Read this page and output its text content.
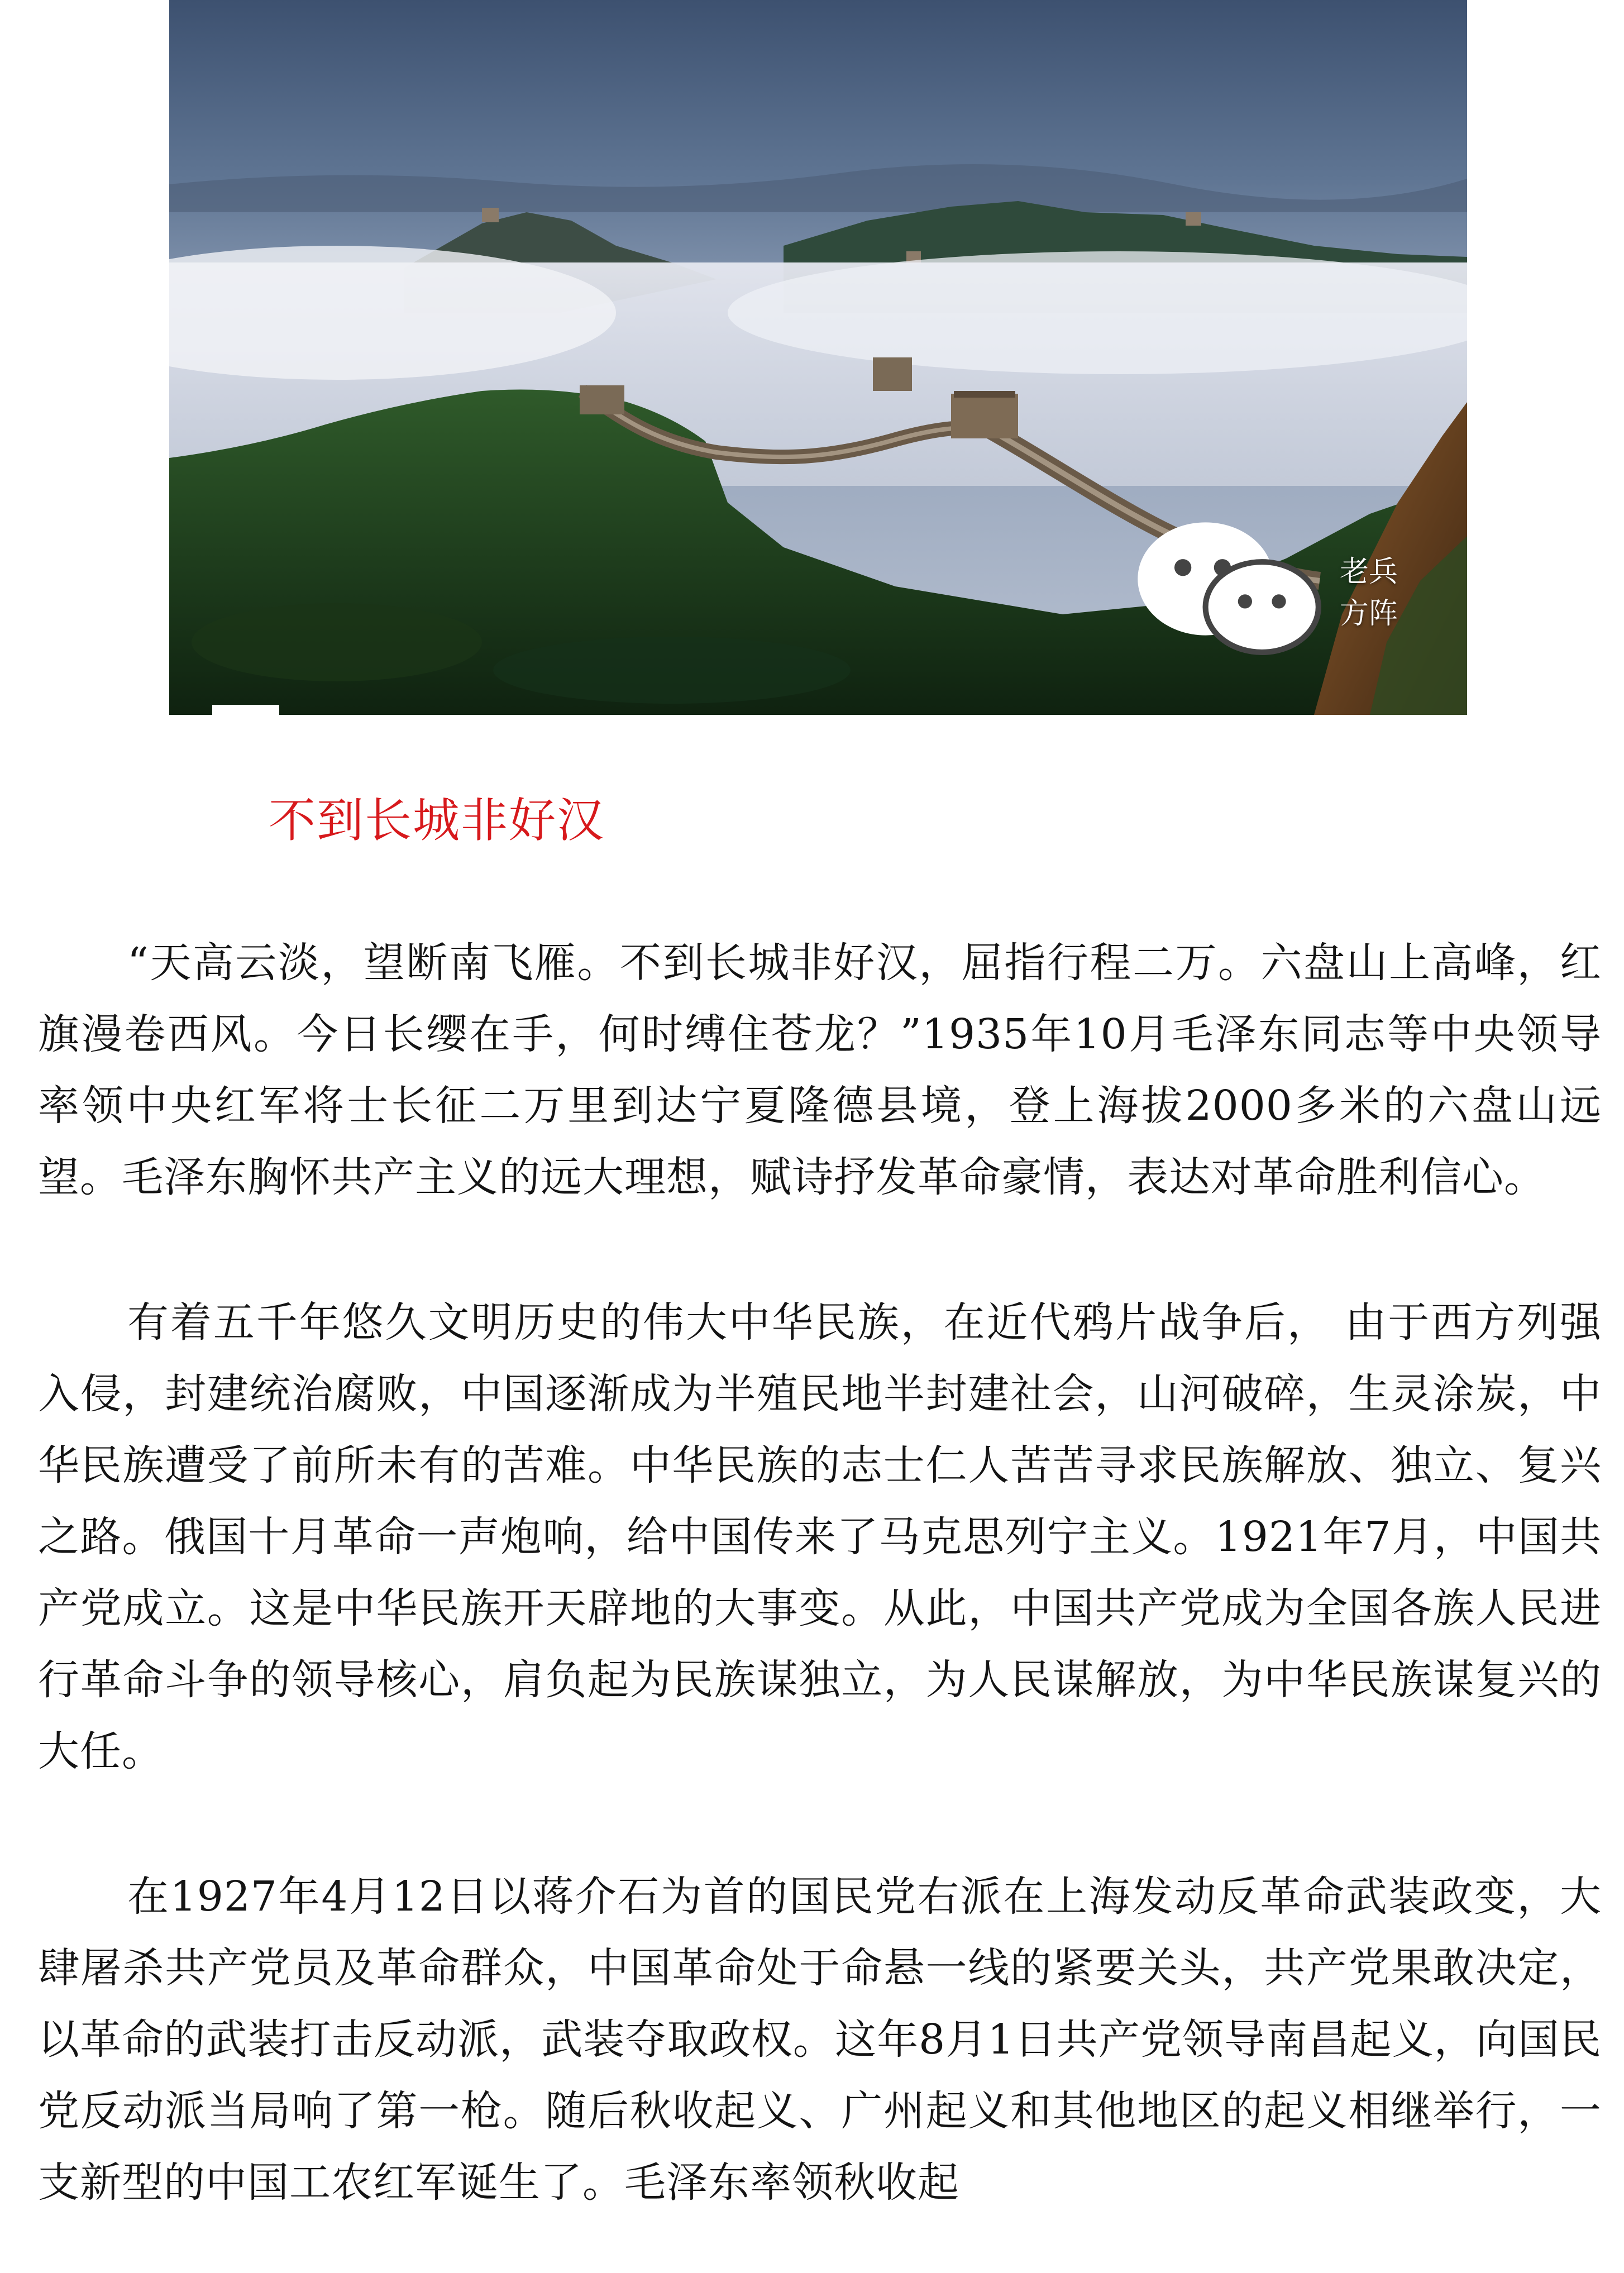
老兵方阵
不到长城非好汉

“天高云淡，望断南飞雁。不到长城非好汉，屈指行程二万。六盘山上高峰，红旗漫卷西风。今日长缨在手，何时缚住苍龙？”1935年10月毛泽东同志等中央领导率领中央红军将士长征二万里到达宁夏隆德县境，登上海拔2000多米的六盘山远望。毛泽东胸怀共产主义的远大理想，赋诗抒发革命豪情，表达对革命胜利信心。

有着五千年悠久文明历史的伟大中华民族，在近代鸦片战争后， 由于西方列强入侵，封建统治腐败，中国逐渐成为半殖民地半封建社会，山河破碎，生灵涂炭，中华民族遭受了前所未有的苦难。中华民族的志士仁人苦苦寻求民族解放、独立、复兴之路。俄国十月革命一声炮响，给中国传来了马克思列宁主义。1921年7月，中国共产党成立。这是中华民族开天辟地的大事变。从此，中国共产党成为全国各族人民进行革命斗争的领导核心，肩负起为民族谋独立，为人民谋解放，为中华民族谋复兴的大任。

在1927年4月12日以蒋介石为首的国民党右派在上海发动反革命武装政变，大肆屠杀共产党员及革命群众，中国革命处于命悬一线的紧要关头，共产党果敢决定，以革命的武装打击反动派，武装夺取政权。这年8月1日共产党领导南昌起义，向国民党反动派当局响了第一枪。随后秋收起义、广州起义和其他地区的起义相继举行，一支新型的中国工农红军诞生了。毛泽东率领秋收起
